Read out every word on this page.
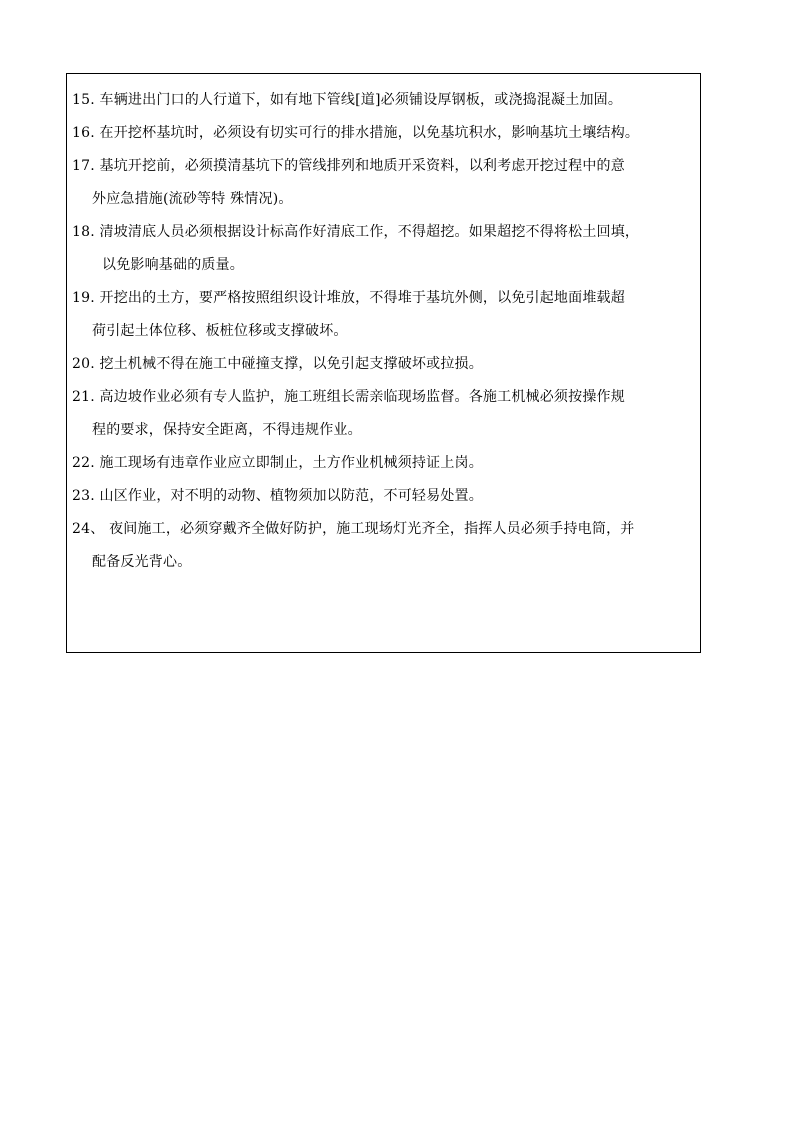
15. 车辆进出门口的人行道下，如有地下管线[道]必须铺设厚钢板，或浇捣混凝土加固。
16. 在开挖杯基坑时，必须设有切实可行的排水措施，以免基坑积水，影响基坑土壤结构。
17. 基坑开挖前，必须摸清基坑下的管线排列和地质开采资料，以利考虑开挖过程中的意
外应急措施(流砂等特 殊情况)。
18. 清坡清底人员必须根据设计标高作好清底工作，不得超挖。如果超挖不得将松土回填，
以免影响基础的质量。
19. 开挖出的土方，要严格按照组织设计堆放，不得堆于基坑外侧，以免引起地面堆载超
荷引起土体位移、板桩位移或支撑破坏。
20. 挖土机械不得在施工中碰撞支撑，以免引起支撑破坏或拉损。
21. 高边坡作业必须有专人监护，施工班组长需亲临现场监督。各施工机械必须按操作规
程的要求，保持安全距离，不得违规作业。
22. 施工现场有违章作业应立即制止，土方作业机械须持证上岗。
23. 山区作业，对不明的动物、植物须加以防范，不可轻易处置。
24、 夜间施工，必须穿戴齐全做好防护，施工现场灯光齐全，指挥人员必须手持电筒，并
配备反光背心。
